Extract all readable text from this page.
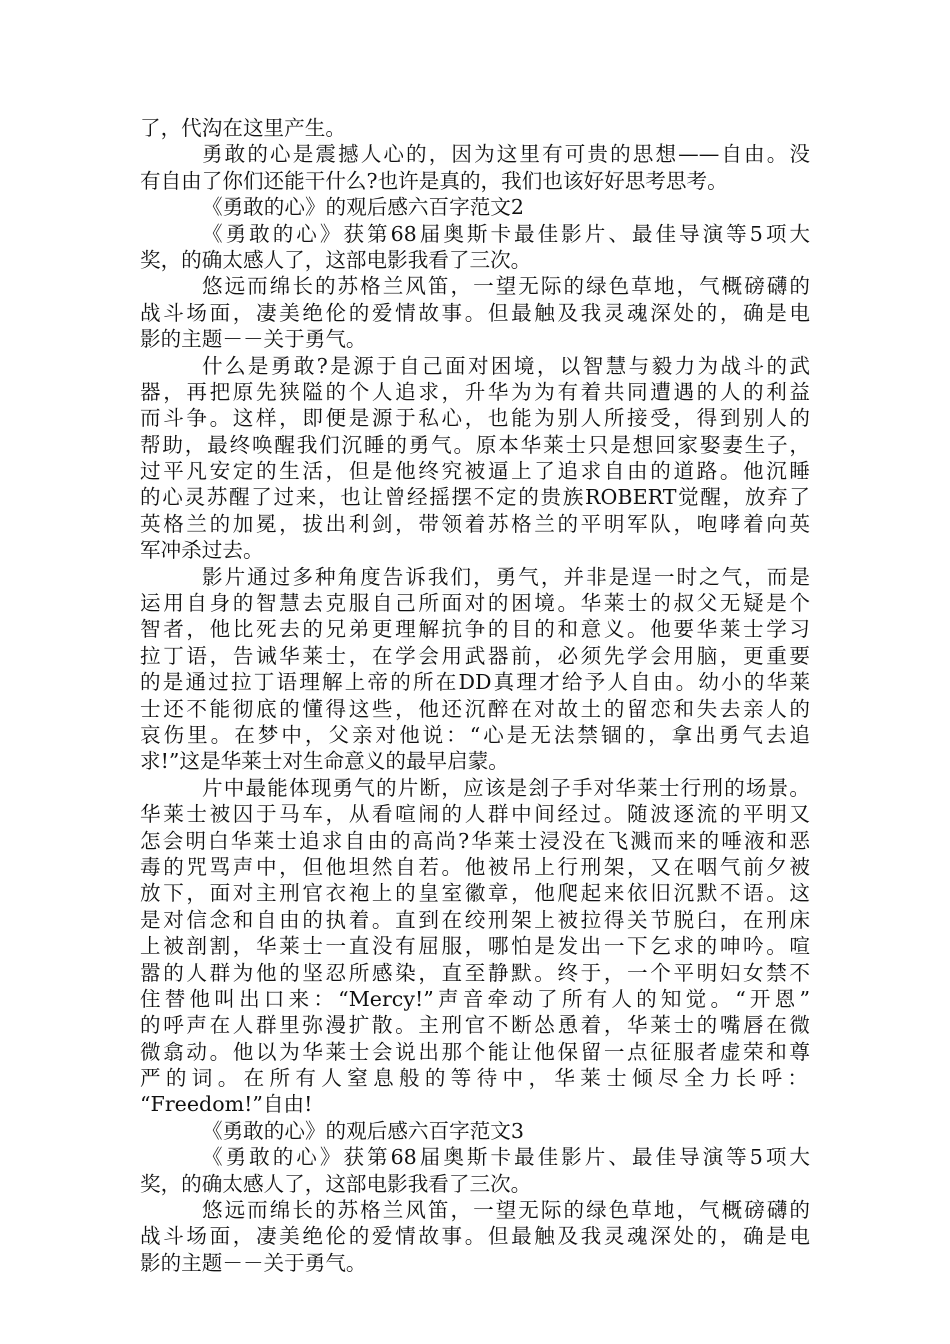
了，代沟在这里产生。
勇敢的心是震撼人心的，因为这里有可贵的思想——自由。没
有自由了你们还能干什么?也许是真的，我们也该好好思考思考。
《勇敢的心》的观后感六百字范文2
《勇敢的心》获第68届奥斯卡最佳影片、最佳导演等5项大
奖，的确太感人了，这部电影我看了三次。
悠远而绵长的苏格兰风笛，一望无际的绿色草地，气概磅礴的
战斗场面，凄美绝伦的爱情故事。但最触及我灵魂深处的，确是电
影的主题－－关于勇气。
什么是勇敢?是源于自己面对困境，以智慧与毅力为战斗的武
器，再把原先狭隘的个人追求，升华为为有着共同遭遇的人的利益
而斗争。这样，即便是源于私心，也能为别人所接受，得到别人的
帮助，最终唤醒我们沉睡的勇气。原本华莱士只是想回家娶妻生子，
过平凡安定的生活，但是他终究被逼上了追求自由的道路。他沉睡
的心灵苏醒了过来，也让曾经摇摆不定的贵族ROBERT觉醒，放弃了
英格兰的加冕，拔出利剑，带领着苏格兰的平明军队，咆哮着向英
军冲杀过去。
影片通过多种角度告诉我们，勇气，并非是逞一时之气，而是
运用自身的智慧去克服自己所面对的困境。华莱士的叔父无疑是个
智者，他比死去的兄弟更理解抗争的目的和意义。他要华莱士学习
拉丁语，告诫华莱士，在学会用武器前，必须先学会用脑，更重要
的是通过拉丁语理解上帝的所在DD真理才给予人自由。幼小的华莱
士还不能彻底的懂得这些，他还沉醉在对故土的留恋和失去亲人的
哀伤里。在梦中，父亲对他说：“心是无法禁锢的，拿出勇气去追
求!”这是华莱士对生命意义的最早启蒙。
片中最能体现勇气的片断，应该是刽子手对华莱士行刑的场景。
华莱士被囚于马车，从看喧闹的人群中间经过。随波逐流的平明又
怎会明白华莱士追求自由的高尚?华莱士浸没在飞溅而来的唾液和恶
毒的咒骂声中，但他坦然自若。他被吊上行刑架，又在咽气前夕被
放下，面对主刑官衣袍上的皇室徽章，他爬起来依旧沉默不语。这
是对信念和自由的执着。直到在绞刑架上被拉得关节脱臼，在刑床
上被剖割，华莱士一直没有屈服，哪怕是发出一下乞求的呻吟。喧
嚣的人群为他的坚忍所感染，直至静默。终于，一个平明妇女禁不
住替他叫出口来：“Mercy!”声音牵动了所有人的知觉。“开恩”
的呼声在人群里弥漫扩散。主刑官不断怂恿着，华莱士的嘴唇在微
微翕动。他以为华莱士会说出那个能让他保留一点征服者虚荣和尊
严的词。在所有人窒息般的等待中，华莱士倾尽全力长呼：
“Freedom!”自由!
《勇敢的心》的观后感六百字范文3
《勇敢的心》获第68届奥斯卡最佳影片、最佳导演等5项大
奖，的确太感人了，这部电影我看了三次。
悠远而绵长的苏格兰风笛，一望无际的绿色草地，气概磅礴的
战斗场面，凄美绝伦的爱情故事。但最触及我灵魂深处的，确是电
影的主题－－关于勇气。
